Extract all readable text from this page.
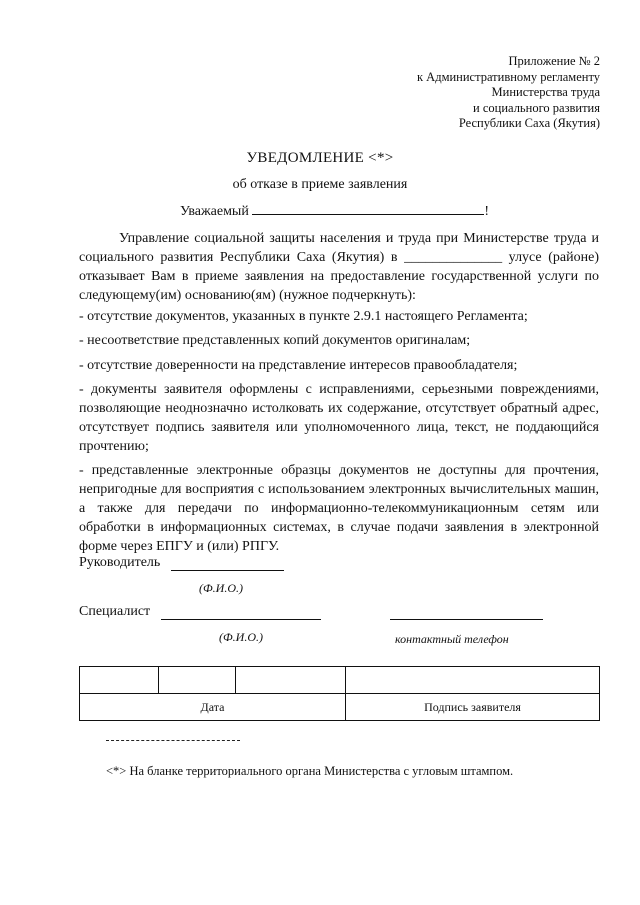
Приложение № 2
к Административному регламенту
Министерства труда
и социального развития
Республики Саха (Якутия)
УВЕДОМЛЕНИЕ <*>
об отказе в приеме заявления
Уважаемый	!
Управление социальной защиты населения и труда при Министерстве труда и социального развития Республики Саха (Якутия) в ______________ улусе (районе) отказывает Вам в приеме заявления на предоставление государственной услуги по следующему(им) основанию(ям) (нужное подчеркнуть):
- отсутствие документов, указанных в пункте 2.9.1 настоящего Регламента;
- несоответствие представленных копий документов оригиналам;
- отсутствие доверенности на представление интересов правообладателя;
- документы заявителя оформлены с исправлениями, серьезными повреждениями, позволяющие неоднозначно истолковать их содержание, отсутствует обратный адрес, отсутствует подпись заявителя или уполномоченного лица, текст, не поддающийся прочтению;
- представленные электронные образцы документов не доступны для прочтения, непригодные для восприятия с использованием электронных вычислительных машин, а также для передачи по информационно-телекоммуникационным сетям или обработки в информационных системах, в случае подачи заявления в электронной форме через ЕПГУ и (или) РПГУ.
Руководитель
(Ф.И.О.)
Специалист
(Ф.И.О.)	контактный телефон

Дата			Подпись заявителя
<*> На бланке территориального органа Министерства с угловым штампом.
